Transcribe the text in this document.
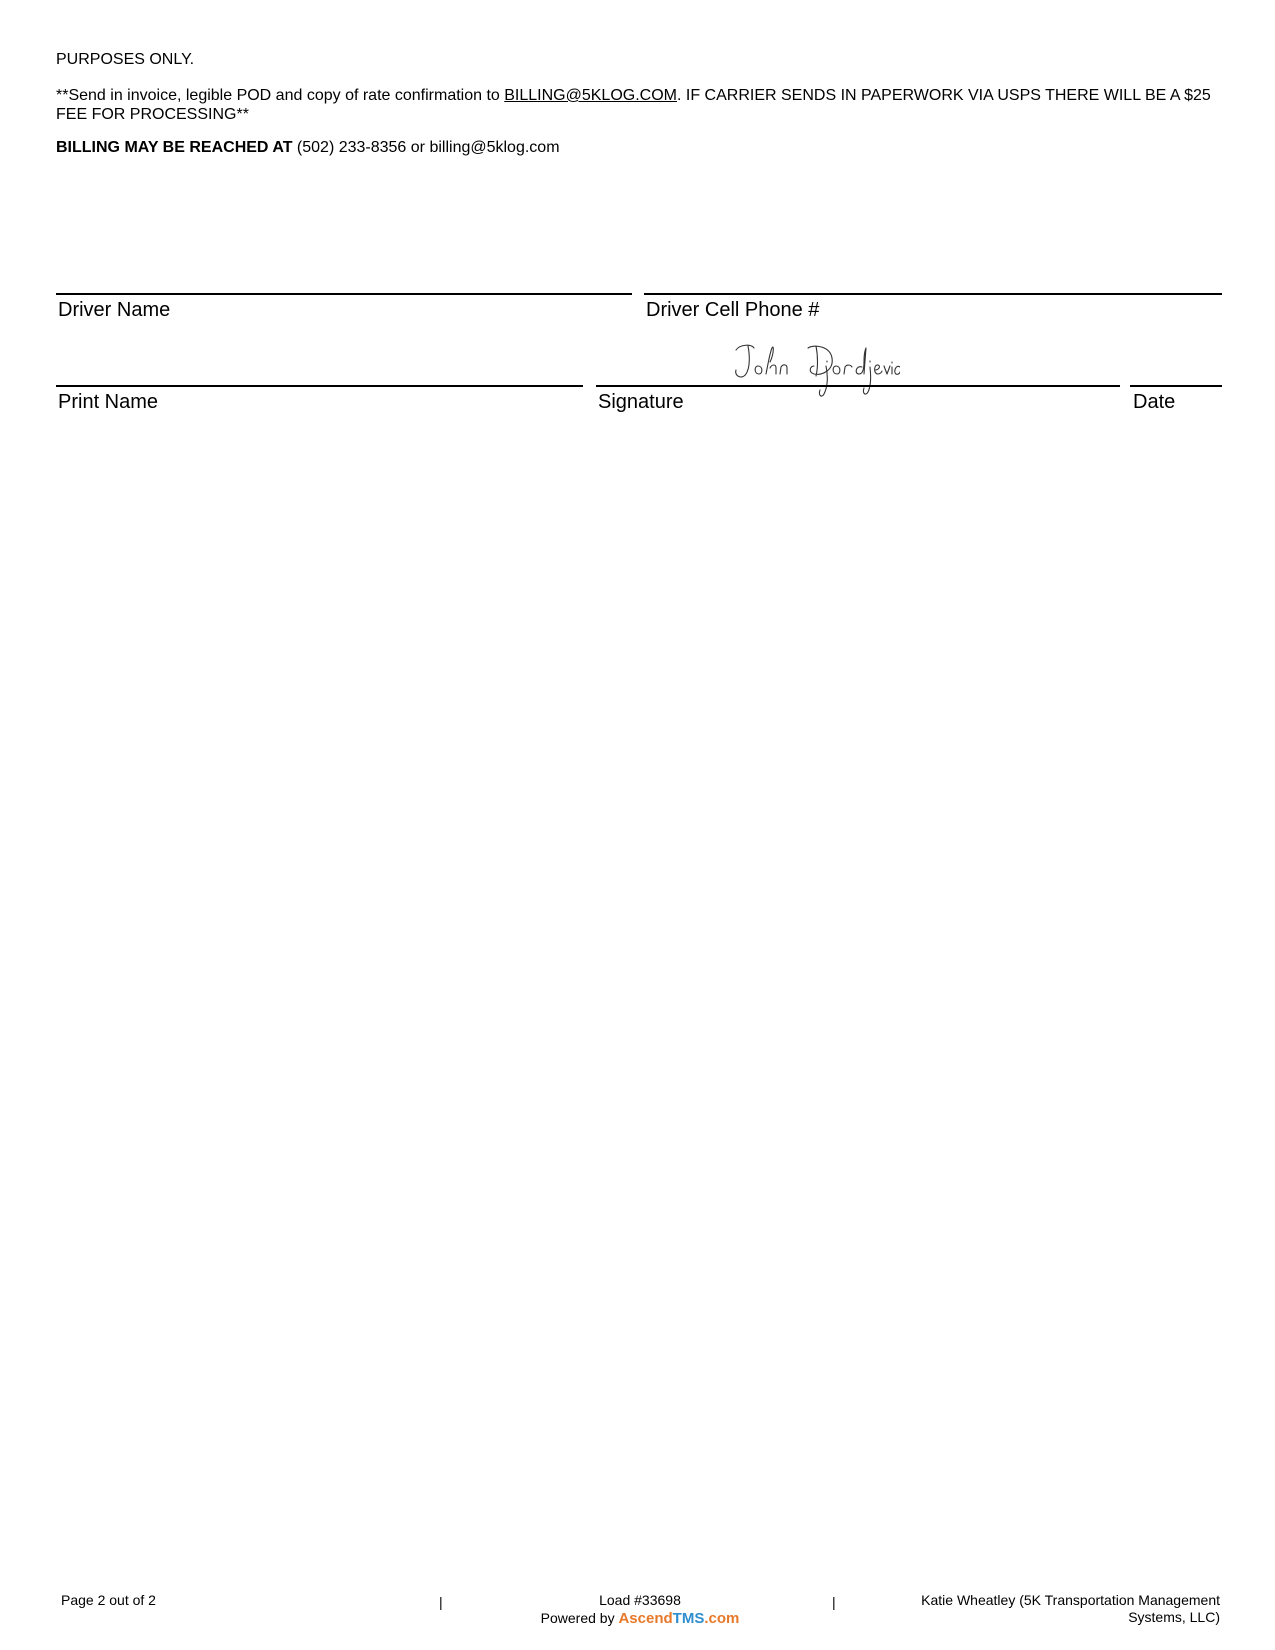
PURPOSES ONLY.

**Send in invoice, legible POD and copy of rate confirmation to BILLING@5KLOG.COM. IF CARRIER SENDS IN PAPERWORK VIA USPS THERE WILL BE A $25 FEE FOR PROCESSING**

BILLING MAY BE REACHED AT (502) 233-8356 or billing@5klog.com

Driver Name	Driver Cell Phone #
Print Name	Signature	Date
Page 2 out of 2	|	Load #33698
Powered by AscendTMS.com
|	Katie Wheatley (5K Transportation Management Systems, LLC)
